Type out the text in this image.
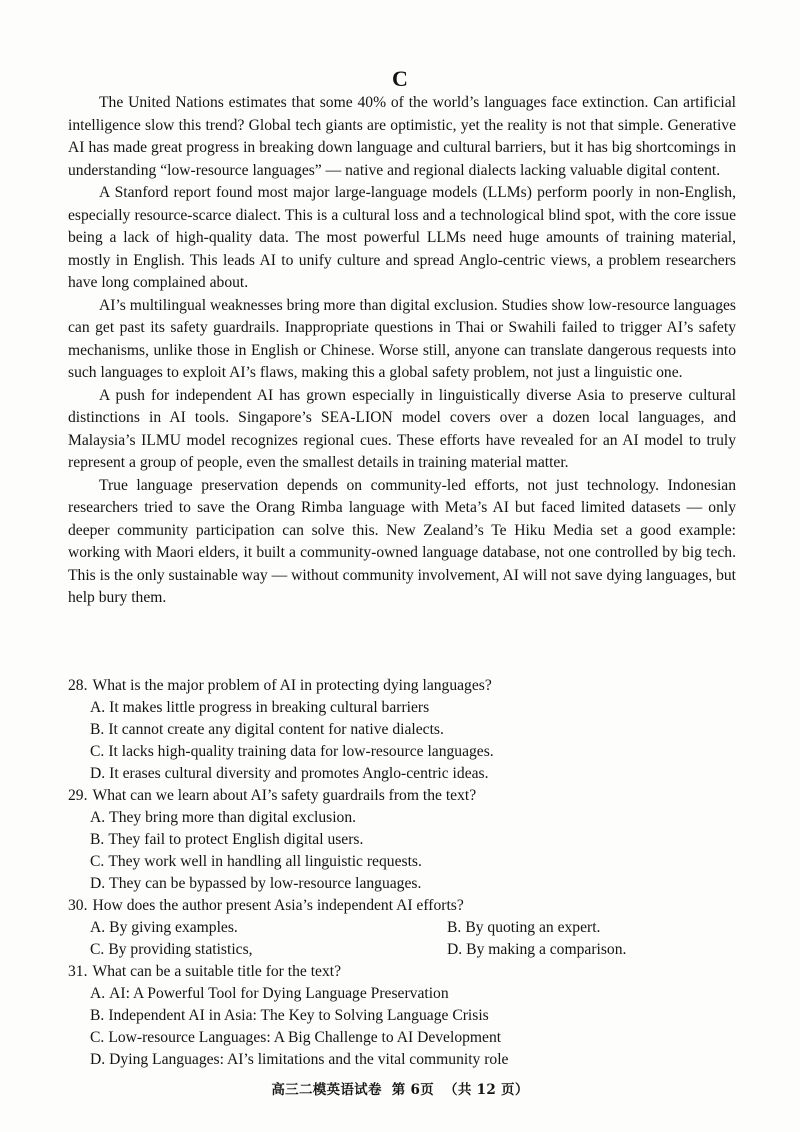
C

The United Nations estimates that some 40% of the world’s languages face extinction. Can artificial intelligence slow this trend? Global tech giants are optimistic, yet the reality is not that simple. Generative AI has made great progress in breaking down language and cultural barriers, but it has big shortcomings in understanding “low-resource languages” — native and regional dialects lacking valuable digital content.

A Stanford report found most major large-language models (LLMs) perform poorly in non-English, especially resource-scarce dialect. This is a cultural loss and a technological blind spot, with the core issue being a lack of high-quality data. The most powerful LLMs need huge amounts of training material, mostly in English. This leads AI to unify culture and spread Anglo-centric views, a problem researchers have long complained about.

AI’s multilingual weaknesses bring more than digital exclusion. Studies show low-resource languages can get past its safety guardrails. Inappropriate questions in Thai or Swahili failed to trigger AI’s safety mechanisms, unlike those in English or Chinese. Worse still, anyone can translate dangerous requests into such languages to exploit AI’s flaws, making this a global safety problem, not just a linguistic one.

A push for independent AI has grown especially in linguistically diverse Asia to preserve cultural distinctions in AI tools. Singapore’s SEA-LION model covers over a dozen local languages, and Malaysia’s ILMU model recognizes regional cues. These efforts have revealed for an AI model to truly represent a group of people, even the smallest details in training material matter.

True language preservation depends on community-led efforts, not just technology. Indonesian researchers tried to save the Orang Rimba language with Meta’s AI but faced limited datasets — only deeper community participation can solve this. New Zealand’s Te Hiku Media set a good example: working with Maori elders, it built a community-owned language database, not one controlled by big tech. This is the only sustainable way — without community involvement, AI will not save dying languages, but help bury them.

28. What is the major problem of AI in protecting dying languages?

A. It makes little progress in breaking cultural barriers

B. It cannot create any digital content for native dialects.

C. It lacks high-quality training data for low-resource languages.

D. It erases cultural diversity and promotes Anglo-centric ideas.

29. What can we learn about AI’s safety guardrails from the text?

A. They bring more than digital exclusion.

B. They fail to protect English digital users.

C. They work well in handling all linguistic requests.

D. They can be bypassed by low-resource languages.

30. How does the author present Asia’s independent AI efforts?

A. By giving examples.	B. By quoting an expert.

C. By providing statistics,	D. By making a comparison.

31. What can be a suitable title for the text?

A. AI: A Powerful Tool for Dying Language Preservation

B. Independent AI in Asia: The Key to Solving Language Crisis

C. Low-resource Languages: A Big Challenge to AI Development

D. Dying Languages: AI’s limitations and the vital community role

高三二模英语试卷 第 6页 （共 12 页）
